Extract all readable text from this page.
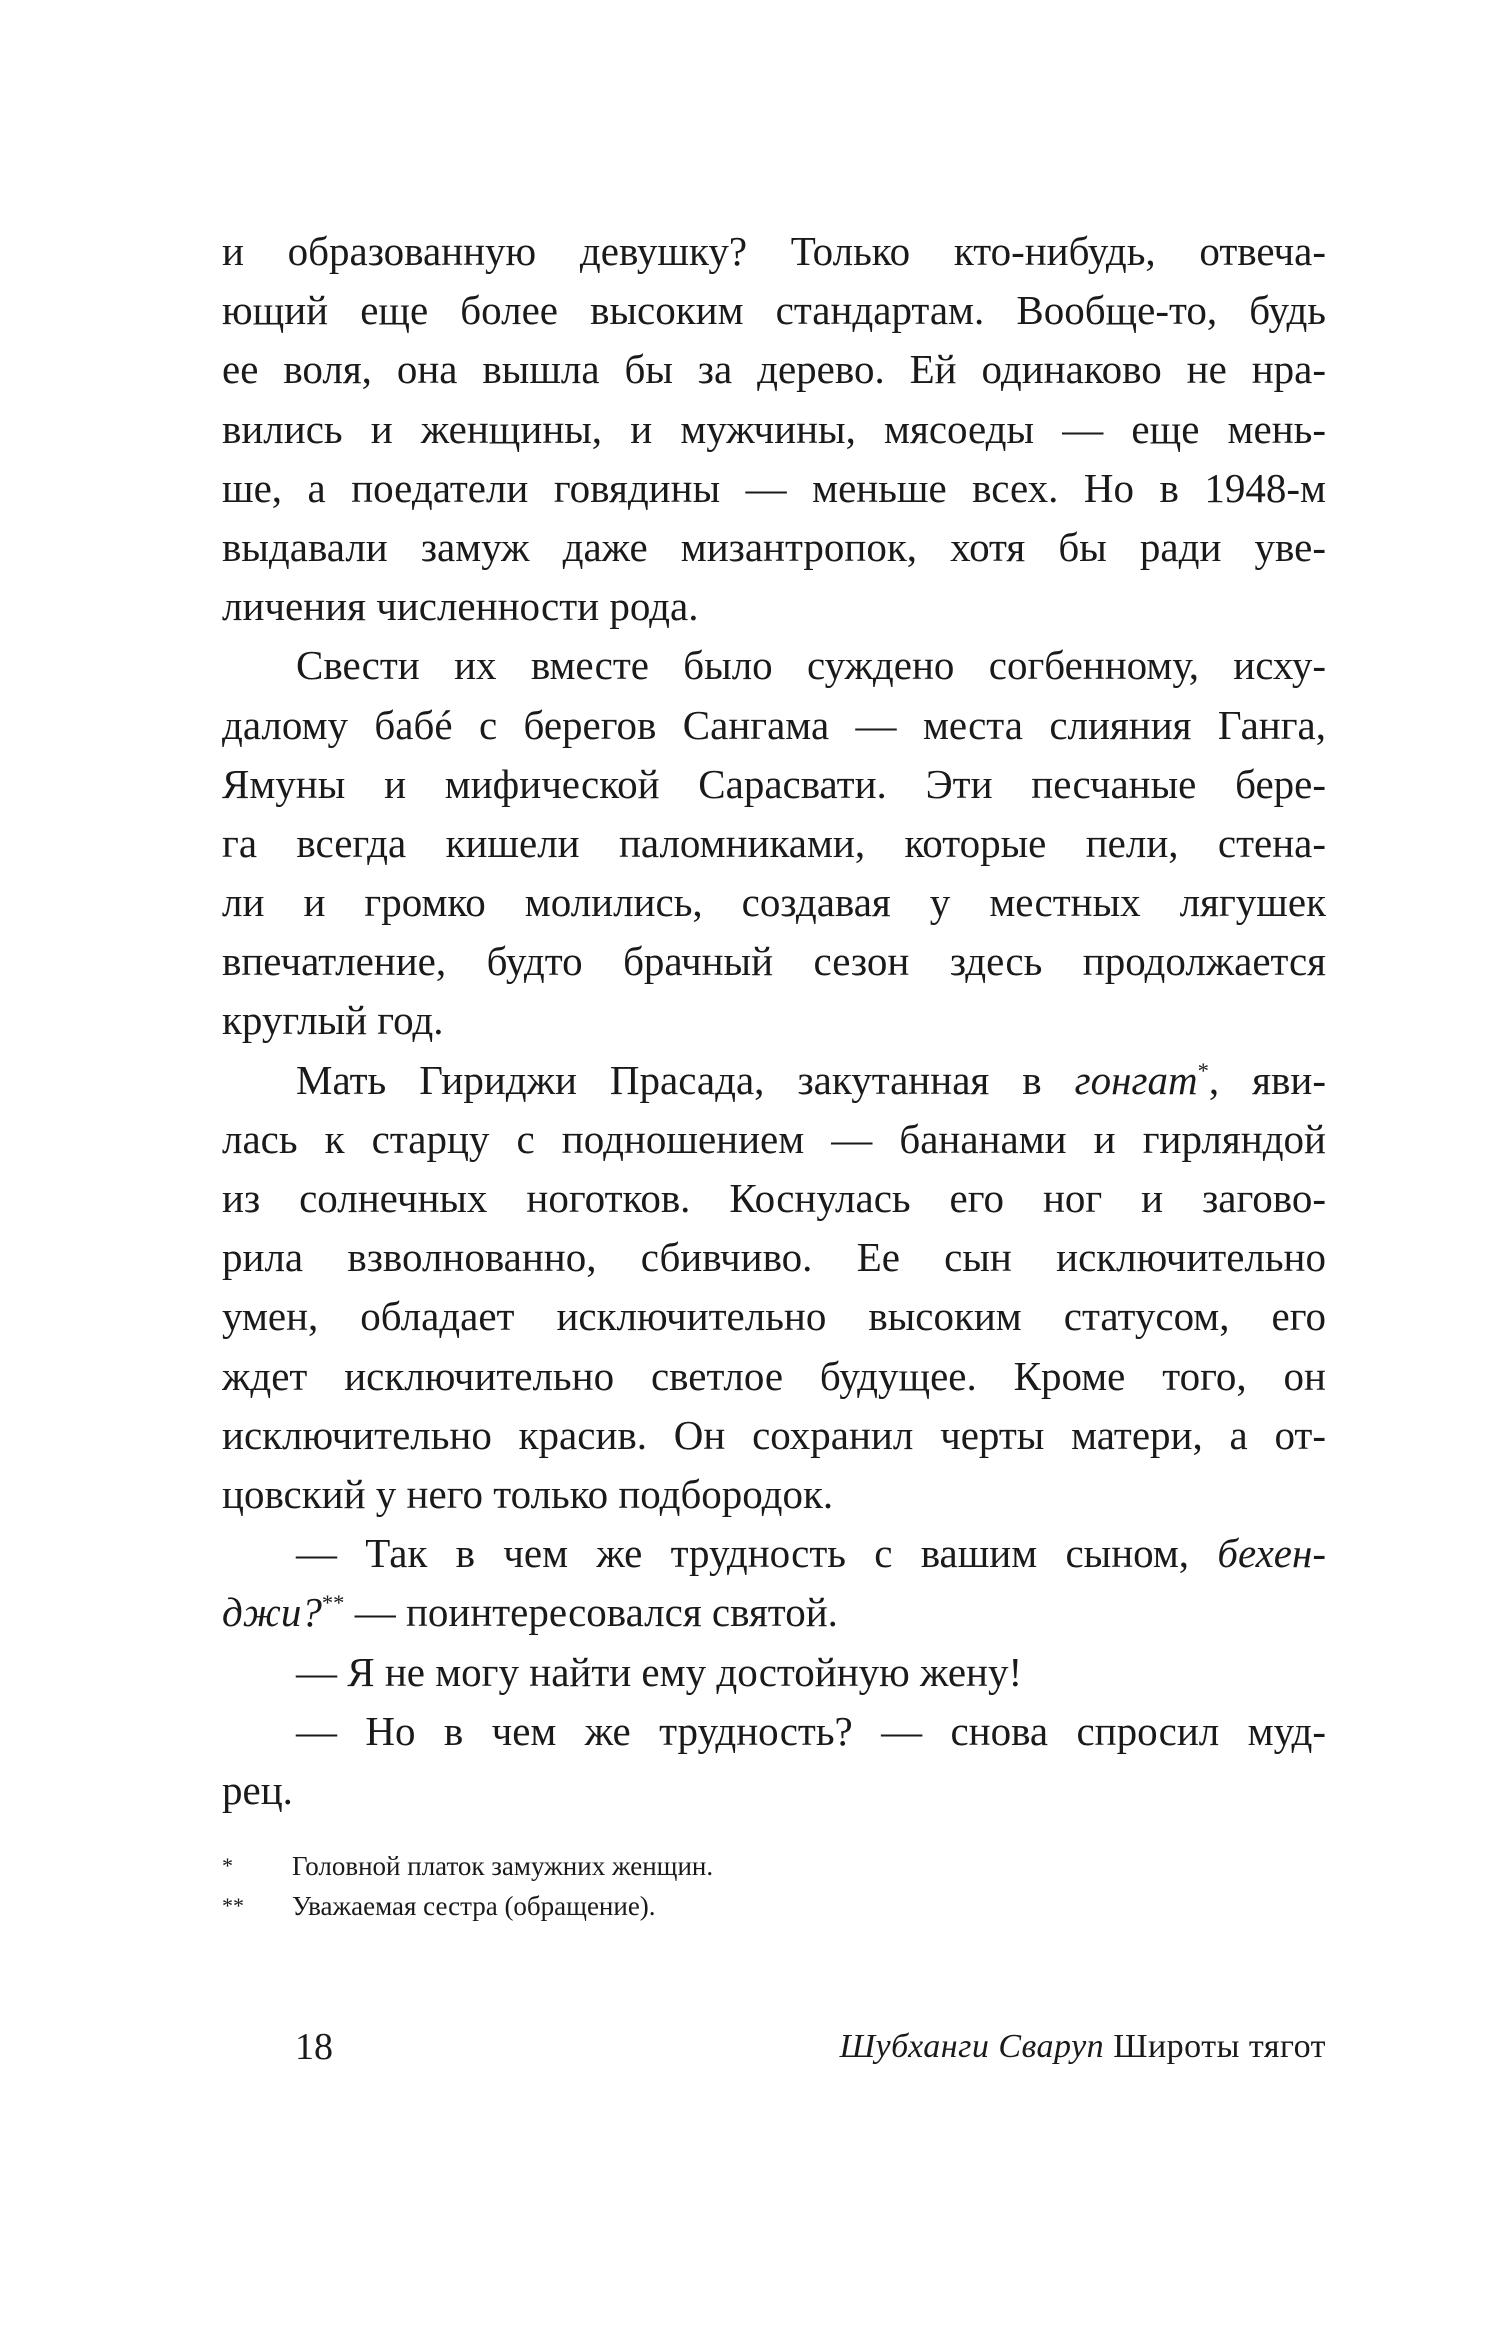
и образованную девушку? Только кто-нибудь, отвеча-
ющий еще более высоким стандартам. Вообще-то, будь
ее воля, она вышла бы за дерево. Ей одинаково не нра-
вились и женщины, и мужчины, мясоеды — еще мень-
ше, а поедатели говядины — меньше всех. Но в 1948-м
выдавали замуж даже мизантропок, хотя бы ради уве-
личения численности рода.
Свести их вместе было суждено согбенному, исху-
далому бабé с берегов Сангама — места слияния Ганга,
Ямуны и мифической Сарасвати. Эти песчаные бере-
га всегда кишели паломниками, которые пели, стена-
ли и громко молились, создавая у местных лягушек
впечатление, будто брачный сезон здесь продолжается
круглый год.
Мать Гириджи Прасада, закутанная в гонгат*, яви-
лась к старцу с подношением — бананами и гирляндой
из солнечных ноготков. Коснулась его ног и загово-
рила взволнованно, сбивчиво. Ее сын исключительно
умен, обладает исключительно высоким статусом, его
ждет исключительно светлое будущее. Кроме того, он
исключительно красив. Он сохранил черты матери, а от-
цовский у него только подбородок.
— Так в чем же трудность с вашим сыном, бехен-
джи?** — поинтересовался святой.
— Я не могу найти ему достойную жену!
— Но в чем же трудность? — снова спросил муд-
рец.
*	Головной платок замужних женщин.
**	Уважаемая сестра (обращение).
18	Шубханги Сваруп Широты тягот
